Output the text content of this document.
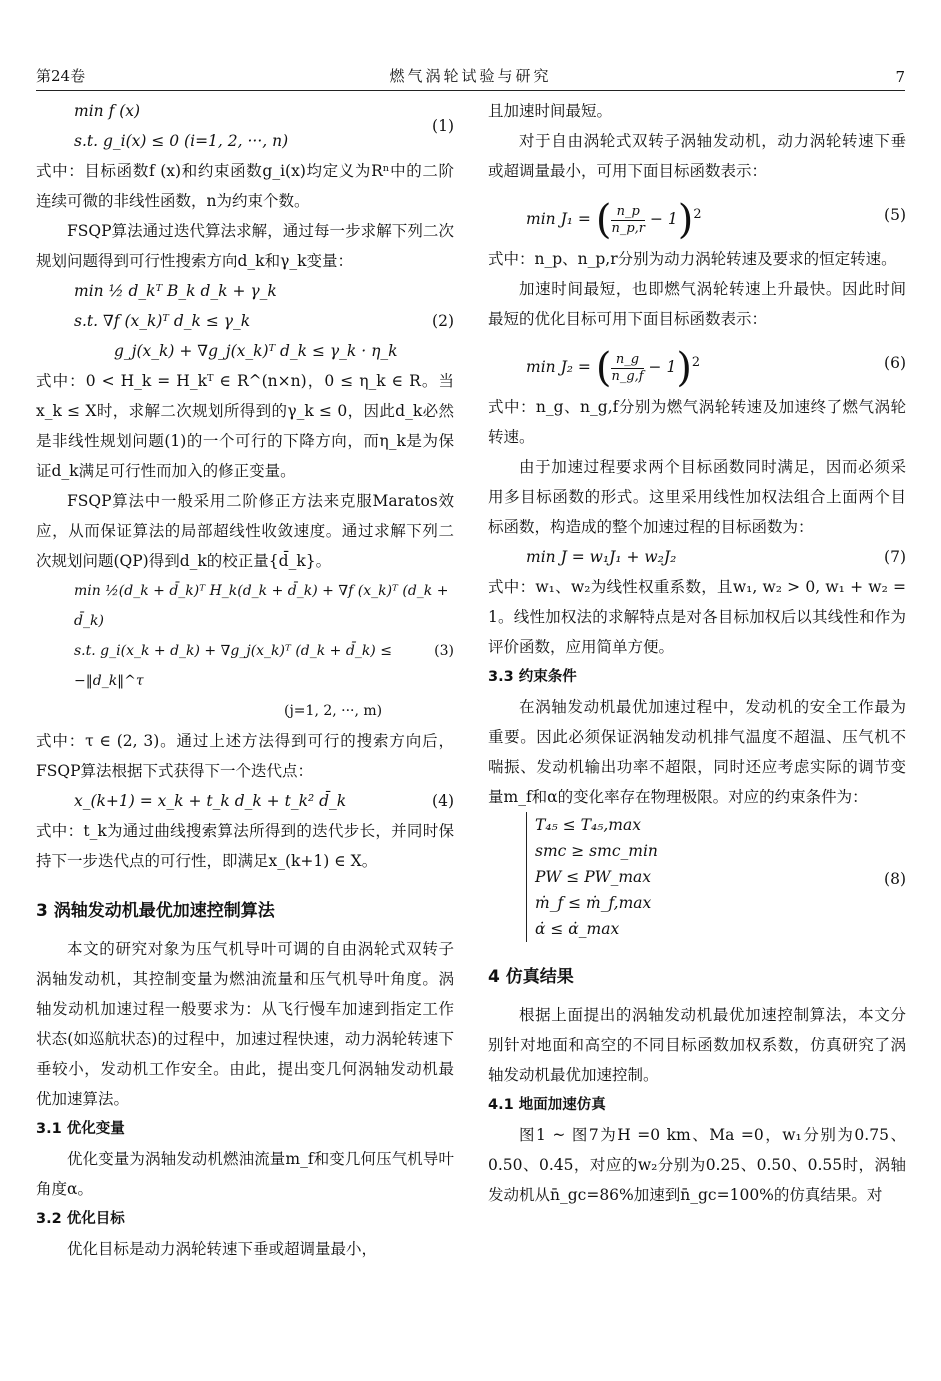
第24卷	燃气涡轮试验与研究	7
min f (x)
s.t. g_i(x) ≤ 0 (i=1, 2, ···, n)
(1)

式中：目标函数f (x)和约束函数g_i(x)均定义为Rⁿ中的二阶连续可微的非线性函数，n为约束个数。

FSQP算法通过迭代算法求解，通过每一步求解下列二次规划问题得到可行性搜索方向d_k和γ_k变量：

min ½ d_kᵀ B_k d_k + γ_k
s.t. ∇f (x_k)ᵀ d_k ≤ γ_k
g_j(x_k) + ∇g_j(x_k)ᵀ d_k ≤ γ_k · η_k
(2)

式中：0 < H_k = H_kᵀ ∈ R^(n×n)，0 ≤ η_k ∈ R。当x_k ≤ X时，求解二次规划所得到的γ_k ≤ 0，因此d_k必然是非线性规划问题(1)的一个可行的下降方向，而η_k是为保证d_k满足可行性而加入的修正变量。

FSQP算法中一般采用二阶修正方法来克服Maratos效应，从而保证算法的局部超线性收敛速度。通过求解下列二次规划问题(QP)得到d_k的校正量{d̄_k}。

min ½(d_k + d̄_k)ᵀ H_k(d_k + d̄_k) + ∇f (x_k)ᵀ (d_k + d̄_k)
s.t. g_i(x_k + d_k) + ∇g_j(x_k)ᵀ (d_k + d̄_k) ≤ −‖d_k‖^τ
(j=1, 2, ···, m)
(3)

式中：τ ∈ (2, 3)。通过上述方法得到可行的搜索方向后，FSQP算法根据下式获得下一个迭代点：

x_(k+1) = x_k + t_k d_k + t_k² d̄_k	(4)

式中：t_k为通过曲线搜索算法所得到的迭代步长，并同时保持下一步迭代点的可行性，即满足x_(k+1) ∈ X。

3 涡轴发动机最优加速控制算法

本文的研究对象为压气机导叶可调的自由涡轮式双转子涡轴发动机，其控制变量为燃油流量和压气机导叶角度。涡轴发动机加速过程一般要求为：从飞行慢车加速到指定工作状态(如巡航状态)的过程中，加速过程快速，动力涡轮转速下垂较小，发动机工作安全。由此，提出变几何涡轴发动机最优加速算法。

3.1 优化变量

优化变量为涡轴发动机燃油流量m_f和变几何压气机导叶角度α。

3.2 优化目标

优化目标是动力涡轮转速下垂或超调量最小，

且加速时间最短。

对于自由涡轮式双转子涡轴发动机，动力涡轮转速下垂或超调量最小，可用下面目标函数表示：

min J₁ = ( $\frac{n\_p}{n\_p,r} - 1)^2$	(5)

式中：n_p、n_p,r分别为动力涡轮转速及要求的恒定转速。

加速时间最短，也即燃气涡轮转速上升最快。因此时间最短的优化目标可用下面目标函数表示：

min J₂ = ( $\frac{n\_g}{n\_g,f} - 1)^2$	(6)

式中：n_g、n_g,f分别为燃气涡轮转速及加速终了燃气涡轮转速。

由于加速过程要求两个目标函数同时满足，因而必须采用多目标函数的形式。这里采用线性加权法组合上面两个目标函数，构造成的整个加速过程的目标函数为：

min J = w₁J₁ + w₂J₂	(7)

式中：w₁、w₂为线性权重系数，且w₁, w₂ > 0, w₁ + w₂ = 1。线性加权法的求解特点是对各目标加权后以其线性和作为评价函数，应用简单方便。

3.3 约束条件

在涡轴发动机最优加速过程中，发动机的安全工作最为重要。因此必须保证涡轴发动机排气温度不超温、压气机不喘振、发动机输出功率不超限，同时还应考虑实际的调节变量m_f和α的变化率存在物理极限。对应的约束条件为：

T₄₅ ≤ T₄₅,max
smc ≥ smc_min
PW ≤ PW_max
ṁ_f ≤ ṁ_f,max
α̇ ≤ α̇_max
(8)

4 仿真结果

根据上面提出的涡轴发动机最优加速控制算法，本文分别针对地面和高空的不同目标函数加权系数，仿真研究了涡轴发动机最优加速控制。

4.1 地面加速仿真

图1 ~ 图7为H =0 km、Ma =0，w₁分别为0.75、0.50、0.45，对应的w₂分别为0.25、0.50、0.55时，涡轴发动机从n̄_gc=86%加速到n̄_gc=100%的仿真结果。对
